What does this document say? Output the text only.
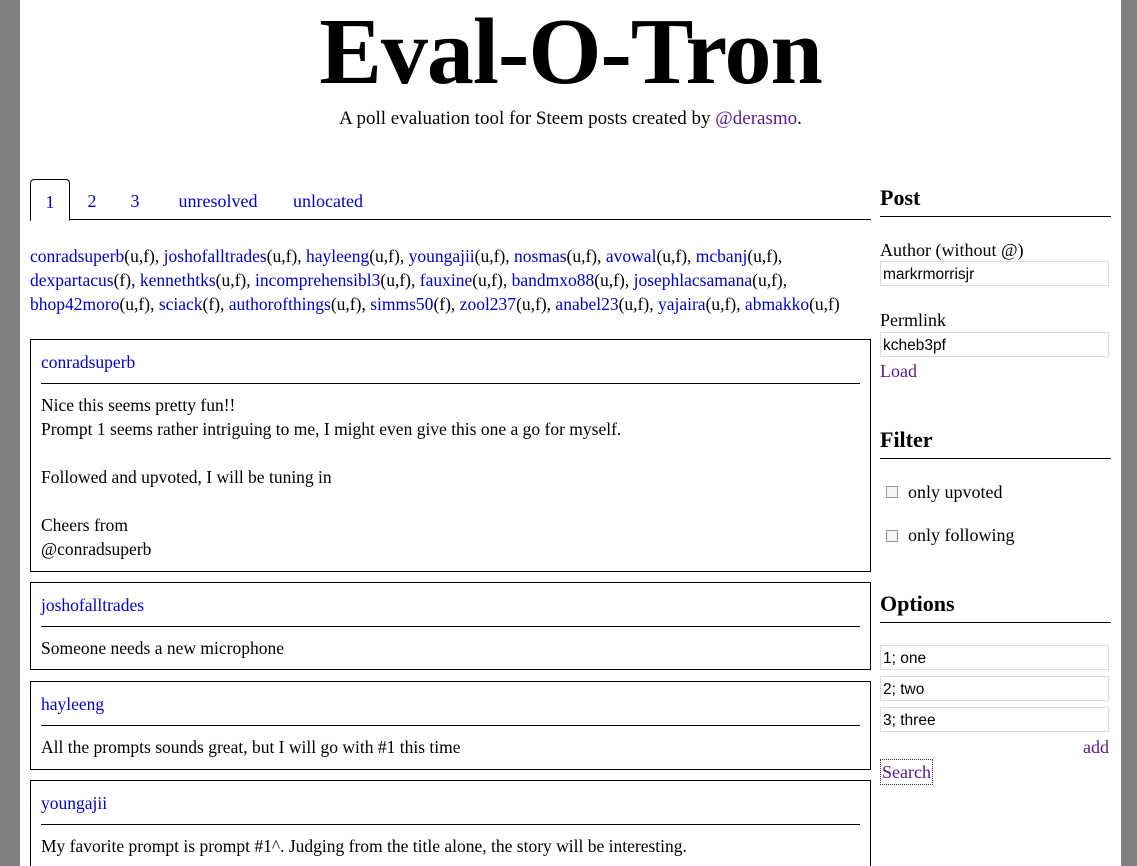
Eval-O-Tron
A poll evaluation tool for Steem posts created by @derasmo.
1	2	3	unresolved	unlocated
conradsuperb(u,f), joshofalltrades(u,f), hayleeng(u,f), youngajii(u,f), nosmas(u,f), avowal(u,f), mcbanj(u,f), dexpartacus(f), kennethtks(u,f), incomprehensibl3(u,f), fauxine(u,f), bandmxo88(u,f), josephlacsamana(u,f), bhop42moro(u,f), sciack(f), authorofthings(u,f), simms50(f), zool237(u,f), anabel23(u,f), yajaira(u,f), abmakko(u,f)
conradsuperb
Nice this seems pretty fun!!
Prompt 1 seems rather intriguing to me, I might even give this one a go for myself.

Followed and upvoted, I will be tuning in

Cheers from
@conradsuperb
joshofalltrades
Someone needs a new microphone
hayleeng
All the prompts sounds great, but I will go with #1 this time
youngajii
My favorite prompt is prompt #1^. Judging from the title alone, the story will be interesting.
Post
Author (without @)
markrmorrisjr
Permlink
kcheb3pf
Load
Filter
only upvoted
only following
Options
1; one
2; two
3; three
add
Search
